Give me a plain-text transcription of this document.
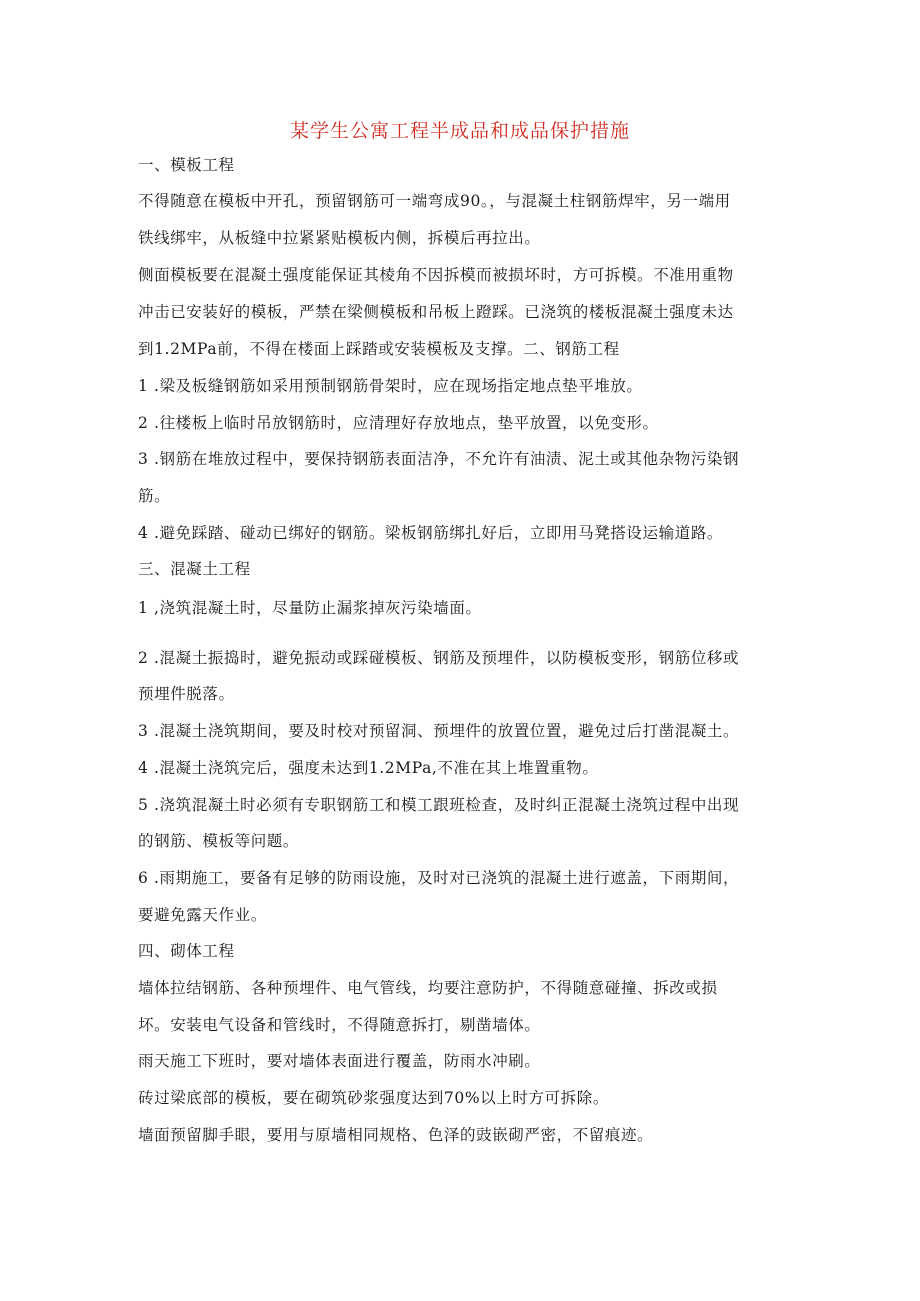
某学生公寓工程半成品和成品保护措施
一、模板工程
不得随意在模板中开孔，预留钢筋可一端弯成90。，与混凝土柱钢筋焊牢，另一端用
铁线绑牢，从板缝中拉紧紧贴模板内侧，拆模后再拉出。
侧面模板要在混凝土强度能保证其棱角不因拆模而被损坏时，方可拆模。不准用重物
冲击已安装好的模板，严禁在梁侧模板和吊板上蹬踩。已浇筑的楼板混凝土强度未达
到1.2MPa前，不得在楼面上踩踏或安装模板及支撑。二、钢筋工程
1 .梁及板缝钢筋如采用预制钢筋骨架时，应在现场指定地点垫平堆放。
2 .往楼板上临时吊放钢筋时，应清理好存放地点，垫平放置，以免变形。
3 .钢筋在堆放过程中，要保持钢筋表面洁净，不允许有油渍、泥土或其他杂物污染钢
筋。
4 .避免踩踏、碰动已绑好的钢筋。梁板钢筋绑扎好后，立即用马凳搭设运输道路。
三、混凝土工程
1 ,浇筑混凝土时，尽量防止漏浆掉灰污染墙面。
2 .混凝土振捣时，避免振动或踩碰模板、钢筋及预埋件，以防模板变形，钢筋位移或
预埋件脱落。
3 .混凝土浇筑期间，要及时校对预留洞、预埋件的放置位置，避免过后打凿混凝土。
4 .混凝土浇筑完后，强度未达到1.2MPa,不准在其上堆置重物。
5 .浇筑混凝土时必须有专职钢筋工和模工跟班检查，及时纠正混凝土浇筑过程中出现
的钢筋、模板等问题。
6 .雨期施工，要备有足够的防雨设施，及时对已浇筑的混凝土进行遮盖，下雨期间，
要避免露天作业。
四、砌体工程
墙体拉结钢筋、各种预埋件、电气管线，均要注意防护，不得随意碰撞、拆改或损
坏。安装电气设备和管线时，不得随意拆打，剔凿墙体。
雨天施工下班时，要对墙体表面进行覆盖，防雨水冲刷。
砖过梁底部的模板，要在砌筑砂浆强度达到70%以上时方可拆除。
墙面预留脚手眼，要用与原墙相同规格、色泽的豉嵌砌严密，不留痕迹。
